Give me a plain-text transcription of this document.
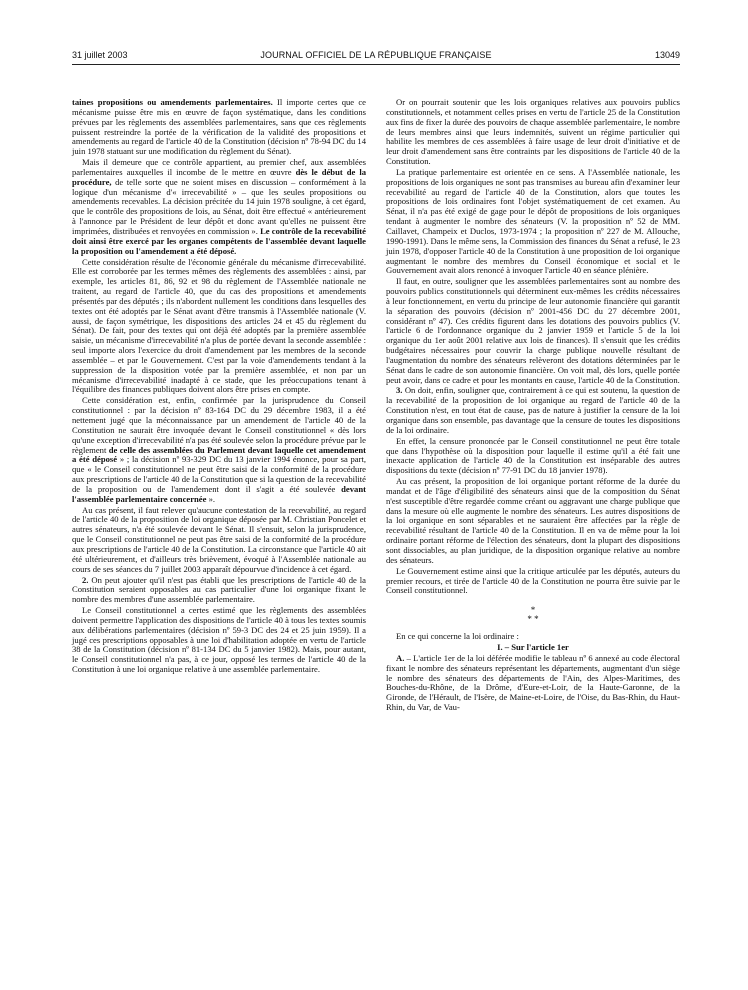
31 juillet 2003	JOURNAL OFFICIEL DE LA RÉPUBLIQUE FRANÇAISE	13049

taines propositions ou amendements parlementaires. Il importe certes que ce mécanisme puisse être mis en œuvre de façon systématique, dans les conditions prévues par les règlements des assemblées parlementaires, sans que ces règlements puissent restreindre la portée de la vérification de la validité des propositions et amendements au regard de l'article 40 de la Constitution (décision nº 78-94 DC du 14 juin 1978 statuant sur une modification du règlement du Sénat).

Mais il demeure que ce contrôle appartient, au premier chef, aux assemblées parlementaires auxquelles il incombe de le mettre en œuvre dès le début de la procédure, de telle sorte que ne soient mises en discussion – conformément à la logique d'un mécanisme d'« irrecevabilité » – que les seules propositions ou amendements recevables. La décision précitée du 14 juin 1978 souligne, à cet égard, que le contrôle des propositions de lois, au Sénat, doit être effectué « antérieurement à l'annonce par le Président de leur dépôt et donc avant qu'elles ne puissent être imprimées, distribuées et renvoyées en commission ». Le contrôle de la recevabilité doit ainsi être exercé par les organes compétents de l'assemblée devant laquelle la proposition ou l'amendement a été déposé.

Cette considération résulte de l'économie générale du mécanisme d'irrecevabilité. Elle est corroborée par les termes mêmes des règlements des assemblées : ainsi, par exemple, les articles 81, 86, 92 et 98 du règlement de l'Assemblée nationale ne traitent, au regard de l'article 40, que du cas des propositions et amendements présentés par des députés ; ils n'abordent nullement les conditions dans lesquelles des textes ont été adoptés par le Sénat avant d'être transmis à l'Assemblée nationale (V. aussi, de façon symétrique, les dispositions des articles 24 et 45 du règlement du Sénat). De fait, pour des textes qui ont déjà été adoptés par la première assemblée saisie, un mécanisme d'irrecevabilité n'a plus de portée devant la seconde assemblée : seul importe alors l'exercice du droit d'amendement par les membres de la seconde assemblée – et par le Gouvernement. C'est par la voie d'amendements tendant à la suppression de la disposition votée par la première assemblée, et non par un mécanisme d'irrecevabilité inadapté à ce stade, que les préoccupations tenant à l'équilibre des finances publiques doivent alors être prises en compte.

Cette considération est, enfin, confirmée par la jurisprudence du Conseil constitutionnel : par la décision nº 83-164 DC du 29 décembre 1983, il a été nettement jugé que la méconnaissance par un amendement de l'article 40 de la Constitution ne saurait être invoquée devant le Conseil constitutionnel « dès lors qu'une exception d'irrecevabilité n'a pas été soulevée selon la procédure prévue par le règlement de celle des assemblées du Parlement devant laquelle cet amendement a été déposé » ; la décision nº 93-329 DC du 13 janvier 1994 énonce, pour sa part, que « le Conseil constitutionnel ne peut être saisi de la conformité de la procédure aux prescriptions de l'article 40 de la Constitution que si la question de la recevabilité de la proposition ou de l'amendement dont il s'agit a été soulevée devant l'assemblée parlementaire concernée ».

Au cas présent, il faut relever qu'aucune contestation de la recevabilité, au regard de l'article 40 de la proposition de loi organique déposée par M. Christian Poncelet et autres sénateurs, n'a été soulevée devant le Sénat. Il s'ensuit, selon la jurisprudence, que le Conseil constitutionnel ne peut pas être saisi de la conformité de la procédure aux prescriptions de l'article 40 de la Constitution. La circonstance que l'article 40 ait été ultérieurement, et d'ailleurs très brièvement, évoqué à l'Assemblée nationale au cours de ses séances du 7 juillet 2003 apparaît dépourvue d'incidence à cet égard.

2. On peut ajouter qu'il n'est pas établi que les prescriptions de l'article 40 de la Constitution seraient opposables au cas particulier d'une loi organique fixant le nombre des membres d'une assemblée parlementaire.

Le Conseil constitutionnel a certes estimé que les règlements des assemblées doivent permettre l'application des dispositions de l'article 40 à tous les textes soumis aux délibérations parlementaires (décision nº 59-3 DC des 24 et 25 juin 1959). Il a jugé ces prescriptions opposables à une loi d'habilitation adoptée en vertu de l'article 38 de la Constitution (décision nº 81-134 DC du 5 janvier 1982). Mais, pour autant, le Conseil constitutionnel n'a pas, à ce jour, opposé les termes de l'article 40 de la Constitution à une loi organique relative à une assemblée parlementaire.

Or on pourrait soutenir que les lois organiques relatives aux pouvoirs publics constitutionnels, et notamment celles prises en vertu de l'article 25 de la Constitution aux fins de fixer la durée des pouvoirs de chaque assemblée parlementaire, le nombre de leurs membres ainsi que leurs indemnités, suivent un régime particulier qui habilite les membres de ces assemblées à faire usage de leur droit d'initiative et de leur droit d'amendement sans être contraints par les dispositions de l'article 40 de la Constitution.

La pratique parlementaire est orientée en ce sens. A l'Assemblée nationale, les propositions de lois organiques ne sont pas transmises au bureau afin d'examiner leur recevabilité au regard de l'article 40 de la Constitution, alors que toutes les propositions de lois ordinaires font l'objet systématiquement de cet examen. Au Sénat, il n'a pas été exigé de gage pour le dépôt de propositions de lois organiques tendant à augmenter le nombre des sénateurs (V. la proposition nº 52 de MM. Caillavet, Champeix et Duclos, 1973-1974 ; la proposition nº 227 de M. Allouche, 1990-1991). Dans le même sens, la Commission des finances du Sénat a refusé, le 23 juin 1978, d'opposer l'article 40 de la Constitution à une proposition de loi organique augmentant le nombre des membres du Conseil économique et social et le Gouvernement avait alors renoncé à invoquer l'article 40 en séance plénière.

Il faut, en outre, souligner que les assemblées parlementaires sont au nombre des pouvoirs publics constitutionnels qui déterminent eux-mêmes les crédits nécessaires à leur fonctionnement, en vertu du principe de leur autonomie financière qui garantit la séparation des pouvoirs (décision nº 2001-456 DC du 27 décembre 2001, considérant nº 47). Ces crédits figurent dans les dotations des pouvoirs publics (V. l'article 6 de l'ordonnance organique du 2 janvier 1959 et l'article 5 de la loi organique du 1er août 2001 relative aux lois de finances). Il s'ensuit que les crédits budgétaires nécessaires pour couvrir la charge publique nouvelle résultant de l'augmentation du nombre des sénateurs relèveront des dotations déterminées par le Sénat dans le cadre de son autonomie financière. On voit mal, dès lors, quelle portée peut avoir, dans ce cadre et pour les montants en cause, l'article 40 de la Constitution.

3. On doit, enfin, souligner que, contrairement à ce qui est soutenu, la question de la recevabilité de la proposition de loi organique au regard de l'article 40 de la Constitution n'est, en tout état de cause, pas de nature à justifier la censure de la loi organique dans son ensemble, pas davantage que la censure de toutes les dispositions de la loi ordinaire.

En effet, la censure prononcée par le Conseil constitutionnel ne peut être totale que dans l'hypothèse où la disposition pour laquelle il estime qu'il a été fait une inexacte application de l'article 40 de la Constitution est inséparable des autres dispositions du texte (décision nº 77-91 DC du 18 janvier 1978).

Au cas présent, la proposition de loi organique portant réforme de la durée du mandat et de l'âge d'éligibilité des sénateurs ainsi que de la composition du Sénat n'est susceptible d'être regardée comme créant ou aggravant une charge publique que dans la mesure où elle augmente le nombre des sénateurs. Les autres dispositions de la loi organique en sont séparables et ne sauraient être affectées par la règle de recevabilité résultant de l'article 40 de la Constitution. Il en va de même pour la loi ordinaire portant réforme de l'élection des sénateurs, dont la plupart des dispositions sont dissociables, au plan juridique, de la disposition organique relative au nombre des sénateurs.

Le Gouvernement estime ainsi que la critique articulée par les députés, auteurs du premier recours, et tirée de l'article 40 de la Constitution ne pourra être suivie par le Conseil constitutionnel.

*
* *

En ce qui concerne la loi ordinaire :

I. – Sur l'article 1er

A. – L'article 1er de la loi déférée modifie le tableau nº 6 annexé au code électoral fixant le nombre des sénateurs représentant les départements, augmentant d'un siège le nombre des sénateurs des départements de l'Ain, des Alpes-Maritimes, des Bouches-du-Rhône, de la Drôme, d'Eure-et-Loir, de la Haute-Garonne, de la Gironde, de l'Hérault, de l'Isère, de Maine-et-Loire, de l'Oise, du Bas-Rhin, du Haut-Rhin, du Var, de Vau-
